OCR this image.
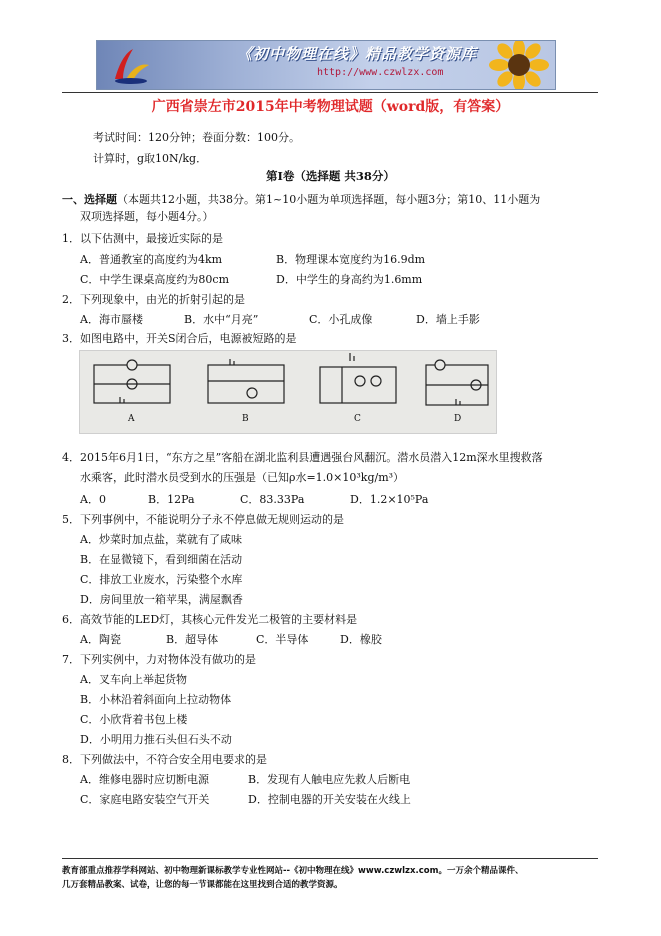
《初中物理在线》精品教学资源库
http://www.czwlzx.com
广西省崇左市2015年中考物理试题（word版，有答案）
考试时间：120分钟；卷面分数：100分。
计算时，g取10N/kg．
第Ⅰ卷（选择题 共38分）
一、选择题（本题共12小题，共38分。第1~10小题为单项选择题，每小题3分；第10、11小题为
双项选择题，每小题4分。）
1．以下估测中，最接近实际的是
A．普通教室的高度约为4km	B．物理课本宽度约为16.9dm
C．中学生课桌高度约为80cm	D．中学生的身高约为1.6mm
2．下列现象中，由光的折射引起的是
A．海市蜃楼	B．水中“月亮”	C．小孔成像	D．墙上手影
3．如图电路中，开关S闭合后，电源被短路的是
A	B	C	D
4．2015年6月1日，“东方之星”客船在湖北监利县遭遇强台风翻沉。潜水员潜入12m深水里搜救落
水乘客，此时潜水员受到水的压强是（已知ρ水=1.0×10³kg/m³）
A．0	B．12Pa	C．83.33Pa	D．1.2×10⁵Pa
5．下列事例中，不能说明分子永不停息做无规则运动的是
A．炒菜时加点盐，菜就有了咸味
B．在显微镜下，看到细菌在活动
C．排放工业废水，污染整个水库
D．房间里放一箱苹果，满屋飘香
6．高效节能的LED灯，其核心元件发光二极管的主要材料是
A．陶瓷	B．超导体	C．半导体	D．橡胶
7．下列实例中，力对物体没有做功的是
A．叉车向上举起货物
B．小林沿着斜面向上拉动物体
C．小欣背着书包上楼
D．小明用力推石头但石头不动
8．下列做法中，不符合安全用电要求的是
A．维修电器时应切断电源	B．发现有人触电应先救人后断电
C．家庭电路安装空气开关	D．控制电器的开关安装在火线上
教育部重点推荐学科网站、初中物理新课标教学专业性网站--《初中物理在线》www.czwlzx.com。一万余个精品课件、
几万套精品教案、试卷，让您的每一节课都能在这里找到合适的教学资源。
